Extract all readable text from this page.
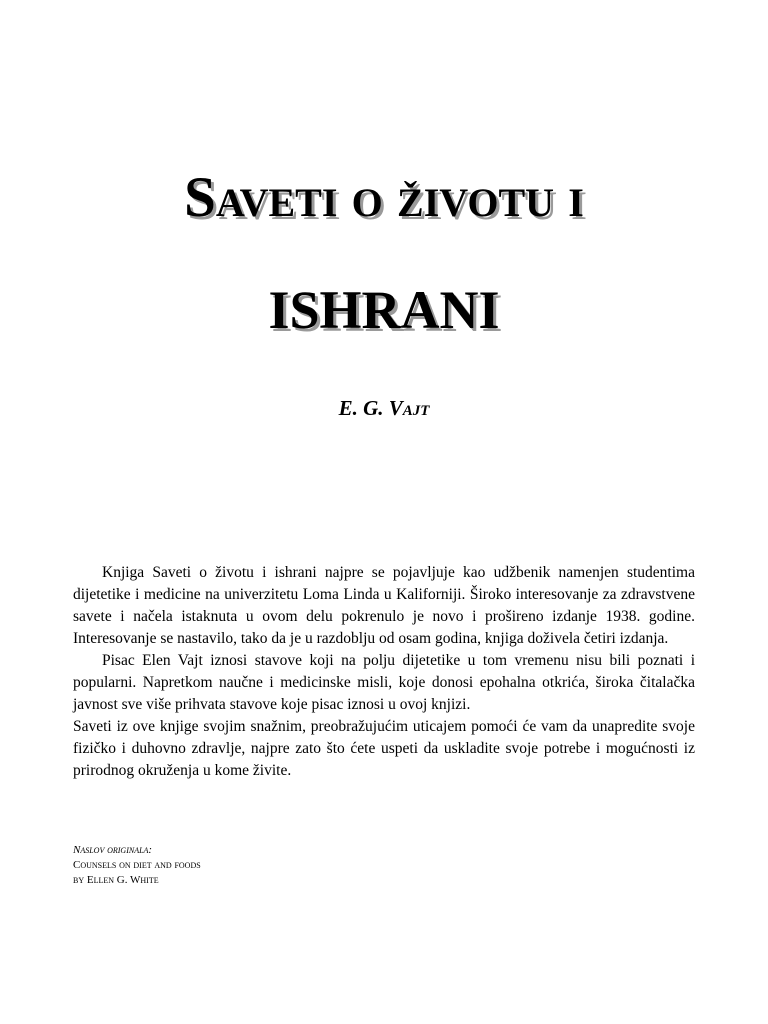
Saveti o životu i
ISHRANI
E. G. Vajt

Knjiga Saveti o životu i ishrani najpre se pojavljuje kao udžbenik namenjen studentima dijetetike i medicine na univerzitetu Loma Linda u Kaliforniji. Široko interesovanje za zdravstvene savete i načela istaknuta u ovom delu pokrenulo je novo i prošireno izdanje 1938. godine. Interesovanje se nastavilo, tako da je u razdoblju od osam godina, knjiga doživela četiri izdanja.

Pisac Elen Vajt iznosi stavove koji na polju dijetetike u tom vremenu nisu bili poznati i popularni. Napretkom naučne i medicinske misli, koje donosi epohalna otkrića, široka čitalačka javnost sve više prihvata stavove koje pisac iznosi u ovoj knjizi.

Saveti iz ove knjige svojim snažnim, preobražujućim uticajem pomoći će vam da unapredite svoje fizičko i duhovno zdravlje, najpre zato što ćete uspeti da uskladite svoje potrebe i mogućnosti iz prirodnog okruženja u kome živite.

Naslov originala:
Counsels on diet and foods
by Ellen G. White
